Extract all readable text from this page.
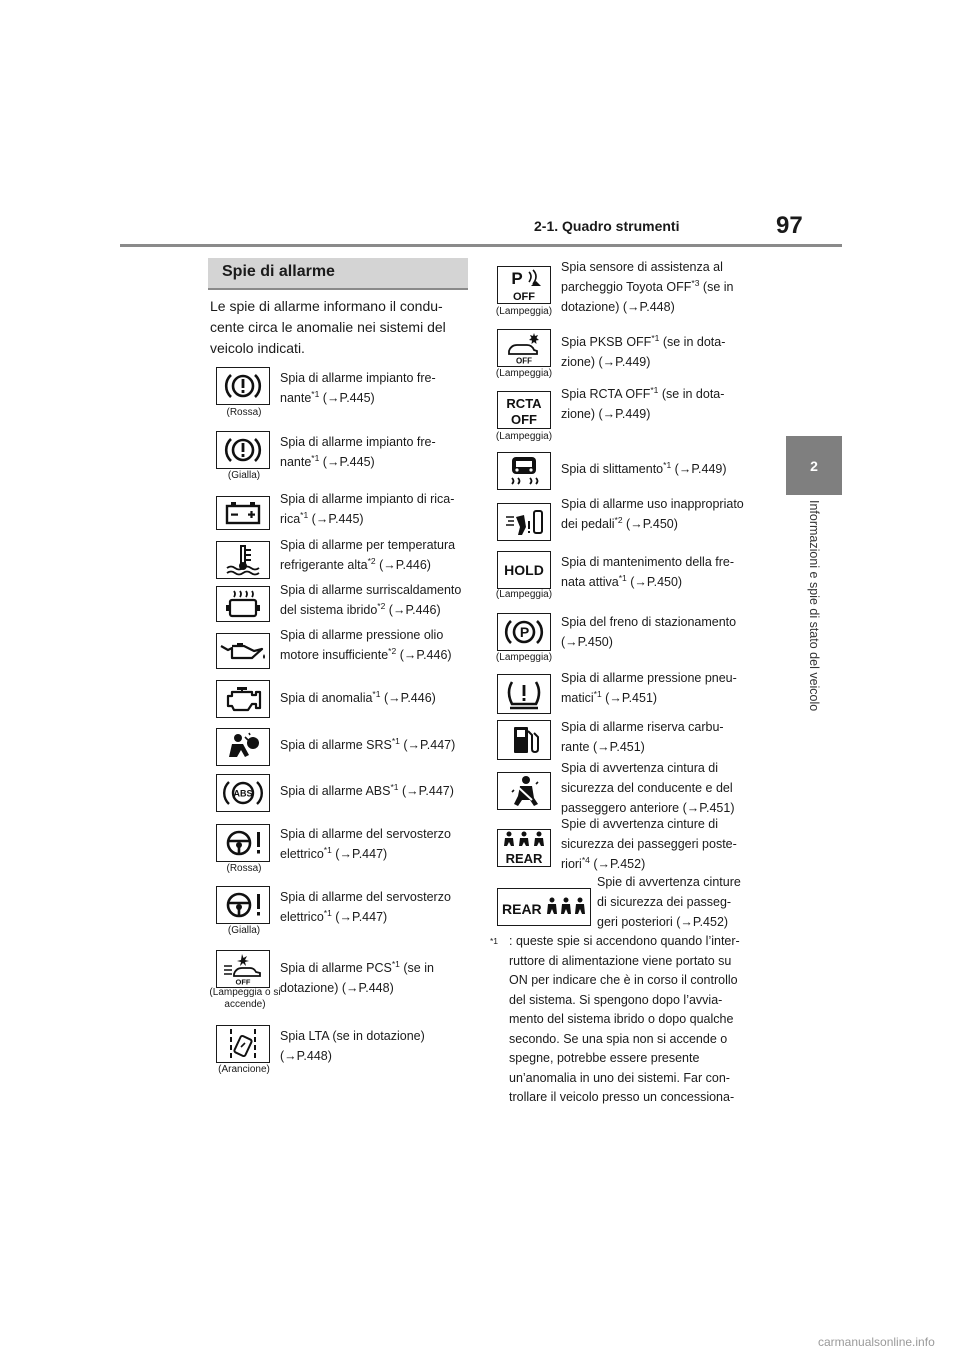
2-1. Quadro strumenti	97
2
Informazioni e spie di stato del veicolo
Spie di allarme
Le spie di allarme informano il condu- cente circa le anomalie nei sistemi del veicolo indicati.
(Rossa)
Spia di allarme impianto fre- nante$^{*1}$ (→P.445)
(Gialla)
Spia di allarme impianto fre- nante$^{*1}$ (→P.445)
Spia di allarme impianto di rica- rica$^{*1}$ (→P.445)
Spia di allarme per temperatura refrigerante alta$^{*2}$ (→P.446)
Spia di allarme surriscaldamento del sistema ibrido$^{*2}$ (→P.446)
Spia di allarme pressione olio motore insufficiente$^{*2}$ (→P.446)
Spia di anomalia$^{*1}$ (→P.446)
Spia di allarme SRS$^{*1}$ (→P.447)
ABS Spia di allarme ABS$^{*1}$ (→P.447)
(Rossa)
Spia di allarme del servosterzo elettrico$^{*1}$ (→P.447)
(Gialla)
Spia di allarme del servosterzo elettrico$^{*1}$ (→P.447)
OFF
(Lampeggia o si accende)
Spia di allarme PCS$^{*1}$ (se in dotazione) (→P.448)
(Arancione)
Spia LTA (se in dotazione) (→P.448)
P
OFF
(Lampeggia)
Spia sensore di assistenza al parcheggio Toyota OFF$^{*3}$ (se in dotazione) (→P.448)
OFF
(Lampeggia)
Spia PKSB OFF$^{*1}$ (se in dota- zione) (→P.449)
RCTA
OFF
(Lampeggia)
Spia RCTA OFF$^{*1}$ (se in dota- zione) (→P.449)
Spia di slittamento$^{*1}$ (→P.449)
Spia di allarme uso inappropriato dei pedali$^{*2}$ (→P.450)
HOLD
(Lampeggia)
Spia di mantenimento della fre- nata attiva$^{*1}$ (→P.450)
P
(Lampeggia)
Spia del freno di stazionamento (→P.450)
Spia di allarme pressione pneu- matici$^{*1}$ (→P.451)
Spia di allarme riserva carbu- rante (→P.451)
Spia di avvertenza cintura di sicurezza del conducente e del passeggero anteriore (→P.451)
REAR
Spie di avvertenza cinture di sicurezza dei passeggeri poste- riori$^{*4}$ (→P.452)
REAR
Spie di avvertenza cinture di sicurezza dei passeg- geri posteriori (→P.452)
*1 : queste spie si accendono quando l’inter- ruttore di alimentazione viene portato su ON per indicare che è in corso il controllo del sistema. Si spengono dopo l’avvia- mento del sistema ibrido o dopo qualche secondo. Se una spia non si accende o spegne, potrebbe essere presente un’anomalia in uno dei sistemi. Far con- trollare il veicolo presso un concessiona-
carmanualsonline.info
